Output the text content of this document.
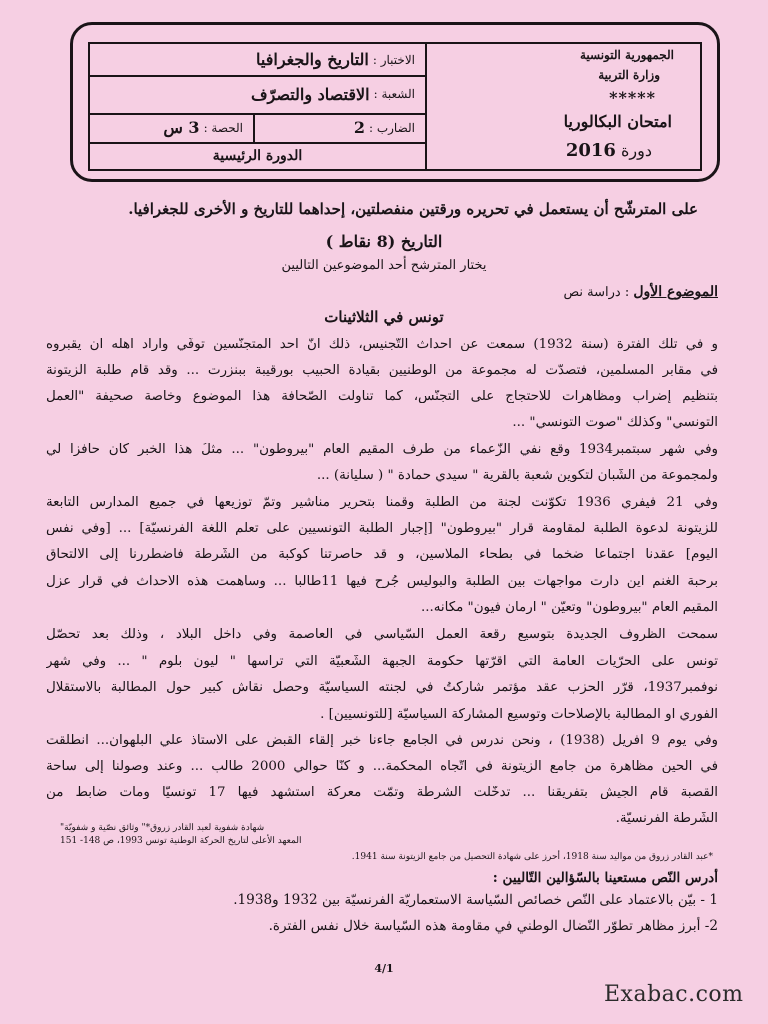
الاختبار :
التاريخ والجغرافيا
الشعبة :
الاقتصاد والتصرّف
الضارب :
2
الحصة :
3 س
الدورة الرئيسية
الجمهورية التونسية
وزارة التربية
*****
امتحان البكالوريا
دورة 2016
على المترشّح أن يستعمل في تحريره ورقتين منفصلتين، إحداهما للتاريخ و الأخرى للجغرافيا.
التاريخ (8 نقاط )
يختار المترشح أحد الموضوعين التاليين
الموضوع الأول : دراسة نص
تونس في الثلاثينات
و في تلك الفترة (سنة 1932) سمعت عن أحداث التّجنيس، ذلك أنّ أحد المتجنّسين توفّي وأراد أهله أن يقبروه
في مقابر المسلمين، فتصدّت له مجموعة من الوطنيين بقيادة الحبيب بورقيبة ببنزرت ... وقد قام طلبة الزيتونة
بتنظيم إضراب ومظاهرات للاحتجاج على التجنّس، كما تناولت الصّحافة هذا الموضوع وخاصة صحيفة "العمل
التونسي" وكذلك "صوت التونسي" ...
وفي شهر سبتمبر1934 وقع نفي الزّعماء من طرف المقيم العام "بيروطون" ... مثلُ هذا الخبر كان حافزا لي
ولمجموعة من الشّبان لتكوين شعبة بالقرية " سيدي حمادة " ( سليانة) ...
وفي 21 فيفري 1936 تكوّنت لجنة من الطّلبة وقمنا بتحرير مناشير وتمّ توزيعها في جميع المدارس التابعة
للزيتونة لدعوة الطلبة لمقاومة قرار "بيروطون" [إجبار الطّلبة التونسيين على تعلّم اللغة الفرنسيّة] ... [وفي نفس
اليوم] عقدنا اجتماعا ضخما في بطحاء الملاّسين، و قد حاصرتنا كوكبة من الشّرطة فاضطُررنا إلى الالتحاق
برحبة الغنم أين دارت مواجهات بين الطّلبة والبوليس جُرح فيها 11طالبا ... وساهمت هذه الأحداث في قرار عزل
المقيم العام "بيروطون" وتعيّن " أرمان فيون" مكانه...
سمحت الظّروف الجديدة بتوسيع رقعة العمل السّياسي في العاصمة وفي داخل البلاد ، وذلك بعد تحصّل
تونس على الحرّيات العامة التي أقرّتها حكومة الجبهة الشّعبيّة التي ترأسها " ليون بلوم " ... وفي شهر
نوفمبر1937، قرّر الحزب عقد مؤتمر شاركتُ في لجنته السياسيّة وحصل نقاش كبير حول المطالبة بالاستقلال
الفوري أو المطالبة بالإصلاحات وتوسيع المشاركة السياسيّة [للتونسيين] .
وفي يوم 9 أفريل (1938) ، ونحن ندرس في الجامع جاءنا خبر إلقاء القبض على الأستاذ علي البلهوان... انطلقت
في الحين مظاهرة من جامع الزيتونة في اتّجاه المحكمة... و كنّا حوالي 2000 طالب ... وعند وصولنا إلى ساحة
القصبة قام الجيش بتفريقنا ... تدخّلت الشرطة وتمّت معركة أستشهد فيها 17 تونسيّا ومات ضابط من
الشّرطة الفرنسيّة.
شهادة شفوية لعبد القادر زروق*" وثائق نصّية و شفويّة"
المعهد الأعلى لتاريخ الحركة الوطنية تونس 1993، ص 148- 151
*عبد القادر زروق من مواليد سنة 1918، أحرز على شهادة التحصيل من جامع الزيتونة سنة 1941.
أدرس النّص مستعينا بالسّؤالين التّاليين :
1 - بيّن بالاعتماد على النّص خصائص السّياسة الاستعماريّة الفرنسيّة بين 1932 و1938.
2- أبرز مظاهر تطوّر النّضال الوطني في مقاومة هذه السّياسة خلال نفس الفترة.
4/1
Exabac.com
